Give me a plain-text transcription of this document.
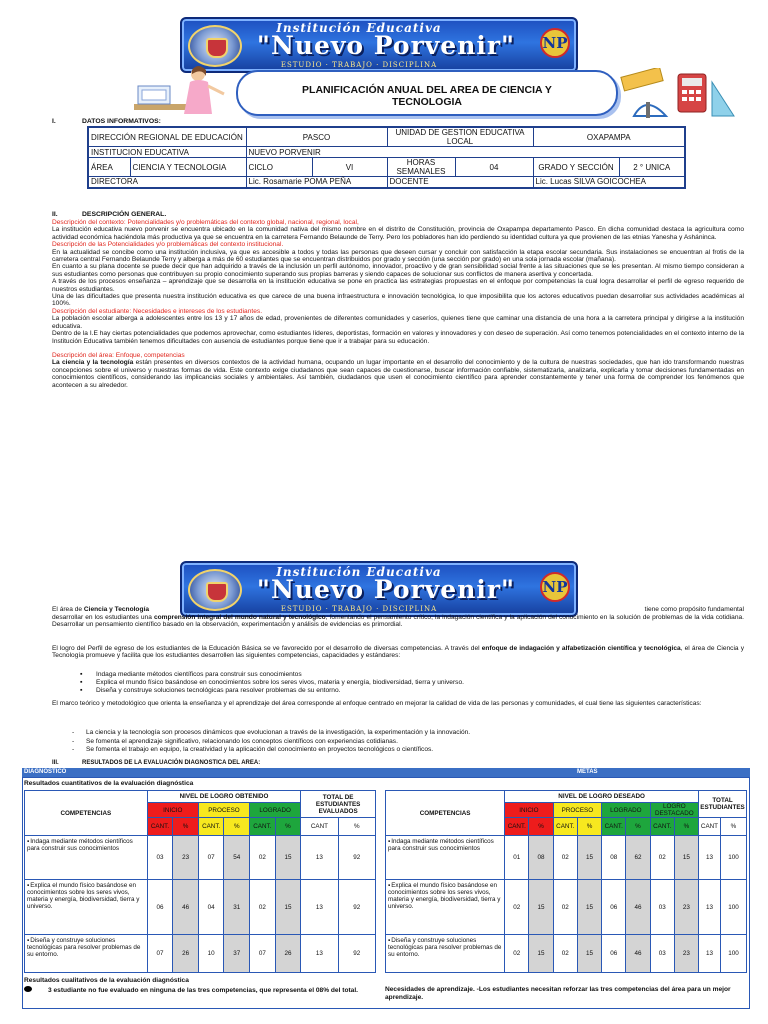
Institución Educativa
"Nuevo Porvenir"
ESTUDIO · TRABAJO · DISCIPLINA
NP
PLANIFICACIÓN ANUAL DEL AREA DE CIENCIA Y
TECNOLOGIA
I.	DATOS INFORMATIVOS:
DIRECCIÓN REGIONAL DE EDUCACIÓN		PASCO		UNIDAD DE GESTION EDUCATIVA LOCAL		OXAPAMPA	
INSTITUCION EDUCATIVA		NUEVO PORVENIR					
ÁREA	CIENCIA Y TECNOLOGIA	CICLO	VI	HORAS SEMANALES	04	GRADO Y SECCIÓN	2 ° UNICA
DIRECTORA		Lic. Rosamarie POMA PEÑA		DOCENTE		Lic. Lucas SILVA GOICOCHEA	
II.	DESCRIPCIÓN GENERAL.

Descripción del contexto: Potencialidades y/o problemáticas del contexto global, nacional, regional, local,

La institución educativa nuevo porvenir se encuentra ubicado en la comunidad nativa del mismo nombre en el distrito de Constitución, provincia de Oxapampa departamento Pasco. En dicha comunidad destaca la agricultura como actividad económica haciéndola más productiva ya que se encuentra en la carretera Fernando Belaunde de Terry. Pero los pobladores han ido perdiendo su identidad cultura ya que provienen de las etnias Yanesha y Asháninca.

Descripción de las Potencialidades y/o problemáticas del contexto institucional.

En la actualidad se concibe como una institución inclusiva, ya que es accesible a todos y todas las personas que deseen cursar y concluir con satisfacción la etapa escolar secundaria. Sus instalaciones se encuentran al frotis de la carretera central Fernando Belaunde Terry y alberga a más de 60 estudiantes que se encuentran distribuidos por grado y sección (una sección por grado) en una sola jornada escolar (mañana).

En cuanto a su plana docente se puede decir que han adquirido a través de la inclusión un perfil autónomo, innovador, proactivo y de gran sensibilidad social frente a las situaciones que se les presentan. Al mismo tiempo consideran a sus estudiantes como personas que contribuyen su propio conocimiento superando sus propias barreras y siendo capaces de solucionar sus conflictos de manera asertiva y concertada.

A través de los procesos enseñanza – aprendizaje que se desarrolla en la institución educativa se pone en practica las estrategias propuestas en el enfoque por competencias la cual logra desarrollar el perfil de egreso requerido de nuestros estudiantes.

Una de las dificultades que presenta nuestra institución educativa es que carece de una buena infraestructura e innovación tecnológica, lo que imposibilita que los actores educativos puedan desarrollar sus actividades académicas al 100%.

Descripción del estudiante: Necesidades e intereses de los estudiantes.

La población escolar alberga a adolescentes entre los 13 y 17 años de edad, provenientes de diferentes comunidades y caseríos, quienes tiene que caminar una distancia de una hora a la carretera principal y dirigirse a la institución educativa.

Dentro de la I.E hay ciertas potencialidades que podemos aprovechar, como estudiantes líderes, deportistas, formación en valores y innovadores y con deseo de superación. Así como tenemos potencialidades en el contexto interno de la Institución Educativa también tenemos dificultades con ausencia de estudiantes porque tiene que ir a trabajar para su educación.

Descripción del área: Enfoque, competencias

La ciencia y la tecnología están presentes en diversos contextos de la actividad humana, ocupando un lugar importante en el desarrollo del conocimiento y de la cultura de nuestras sociedades, que han ido transformando nuestras concepciones sobre el universo y nuestras formas de vida. Este contexto exige ciudadanos que sean capaces de cuestionarse, buscar información confiable, sistematizarla, analizarla, explicarla y tomar decisiones fundamentadas en conocimientos científicos, considerando las implicancias sociales y ambientales. Así también, ciudadanos que usen el conocimiento científico para aprender constantemente y tener una forma de comprender los fenómenos que acontecen a su alrededor.

Institución Educativa
"Nuevo Porvenir"
ESTUDIO · TRABAJO · DISCIPLINA
NP
El área de Ciencia y Tecnología	tiene como propósito fundamental
desarrollar en los estudiantes una comprensión integral del mundo natural y tecnológico, fomentando el pensamiento crítico, la indagación científica y la aplicación del conocimiento en la solución de problemas de la vida cotidiana. Desarrollar un pensamiento científico basado en la observación, experimentación y análisis de evidencias es primordial.
El logro del Perfil de egreso de los estudiantes de la Educación Básica se ve favorecido por el desarrollo de diversas competencias. A través del enfoque de indagación y alfabetización científica y tecnológica, el área de Ciencia y Tecnología promueve y facilita que los estudiantes desarrollen las siguientes competencias, capacidades y estándares:
▪ Indaga mediante métodos científicos para construir sus conocimientos
▪ Explica el mundo físico basándose en conocimientos sobre los seres vivos, materia y energía, biodiversidad, tierra y universo.
▪ Diseña y construye soluciones tecnológicas para resolver problemas de su entorno.
El marco teórico y metodológico que orienta la enseñanza y el aprendizaje del área corresponde al enfoque centrado en mejorar la calidad de vida de las personas y comunidades, el cual tiene las siguientes características:
- La ciencia y la tecnología son procesos dinámicos que evolucionan a través de la investigación, la experimentación y la innovación.
- Se fomenta el aprendizaje significativo, relacionando los conceptos científicos con experiencias cotidianas.
- Se fomenta el trabajo en equipo, la creatividad y la aplicación del conocimiento en proyectos tecnológicos o científicos.
III.	RESULTADOS DE LA EVALUACIÓN DIAGNOSTICA DEL AREA:
DIAGNOSTICO	METAS
Resultados cuantitativos de la evaluación diagnóstica
COMPETENCIAS	NIVEL DE LOGRO OBTENIDO						TOTAL DE ESTUDIANTES EVALUADOS	
	INICIO		PROCESO		LOGRADO			
	CANT.	%	CANT.	%	CANT.	%	CANT	%
▪ Indaga mediante métodos científicos para construir sus conocimientos	03	23	07	54	02	15	13	92
▪ Explica el mundo físico basándose en conocimientos sobre los seres vivos, materia y energía, biodiversidad, tierra y universo.	06	46	04	31	02	15	13	92
▪ Diseña y construye soluciones tecnológicas para resolver problemas de su entorno.	07	26	10	37	07	26	13	92
COMPETENCIAS	NIVEL DE LOGRO DESEADO								TOTAL ESTUDIANTES	
	INICIO		PROCESO		LOGRADO		LOGRO DESTACADO			
	CANT.	%	CANT.	%	CANT.	%	CANT.	%	CANT	%
▪ Indaga mediante métodos científicos para construir sus conocimientos	01	08	02	15	08	62	02	15	13	100
▪ Explica el mundo físico basándose en conocimientos sobre los seres vivos, materia y energía, biodiversidad, tierra y universo.	02	15	02	15	06	46	03	23	13	100
▪ Diseña y construye soluciones tecnológicas para resolver problemas de su entorno.	02	15	02	15	06	46	03	23	13	100
Resultados cualitativos de la evaluación diagnóstica
3 estudiante no fue evaluado en ninguna de las tres competencias, que representa el 08% del total.	Necesidades de aprendizaje. -Los estudiantes necesitan reforzar las tres competencias del área para un mejor aprendizaje.
